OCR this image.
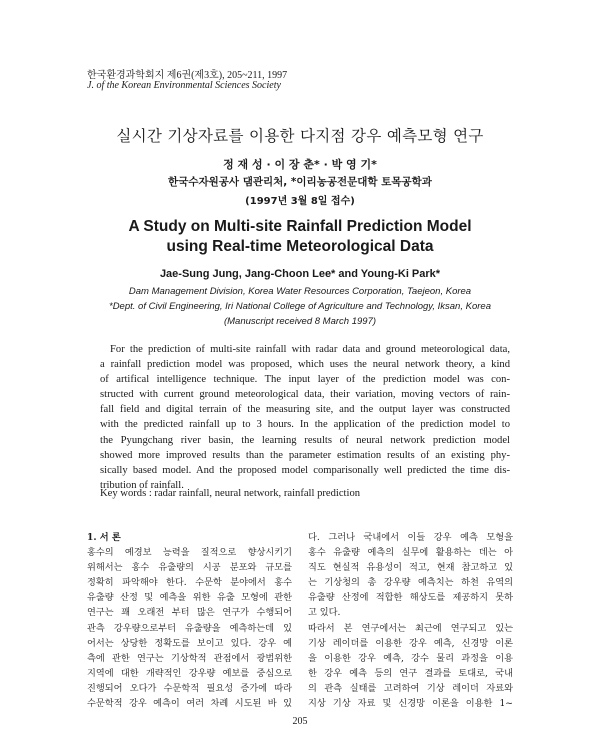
한국환경과학회지 제6권(제3호), 205~211, 1997
J. of the Korean Environmental Sciences Society
실시간 기상자료를 이용한 다지점 강우 예측모형 연구
정 재 성 · 이 장 춘* · 박 영 기*
한국수자원공사 댐관리처, *이리농공전문대학 토목공학과
(1997년 3월 8일 접수)
A Study on Multi-site Rainfall Prediction Model
using Real-time Meteorological Data
Jae-Sung Jung, Jang-Choon Lee* and Young-Ki Park*
Dam Management Division, Korea Water Resources Corporation, Taejeon, Korea
*Dept. of Civil Engineering, Iri National College of Agriculture and Technology, Iksan, Korea
(Manuscript received 8 March 1997)
For the prediction of multi-site rainfall with radar data and ground meteorological data,
a rainfall prediction model was proposed, which uses the neural network theory, a kind
of artifical intelligence technique. The input layer of the prediction model was con-
structed with current ground meteorological data, their variation, moving vectors of rain-
fall field and digital terrain of the measuring site, and the output layer was constructed
with the predicted rainfall up to 3 hours. In the application of the prediction model to
the Pyungchang river basin, the learning results of neural network prediction model
showed more improved results than the parameter estimation results of an existing phy-
sically based model. And the proposed model comparisonally well predicted the time dis-
tribution of rainfall.
Key words : radar rainfall, neural network, rainfall prediction
1. 서 론
홍수의 예경보 능력을 질적으로 향상시키기
위해서는 홍수 유출량의 시공 분포와 규모를
정확히 파악해야 한다. 수문학 분야에서 홍수
유출량 산정 및 예측을 위한 유출 모형에 관한
연구는 꽤 오래전 부터 많은 연구가 수행되어
관측 강우량으로부터 유출량을 예측하는데 있
어서는 상당한 정확도를 보이고 있다. 강우 예
측에 관한 연구는 기상학적 관점에서 광범위한
지역에 대한 개략적인 강우량 예보를 중심으로
진행되어 오다가 수문학적 필요성 증가에 따라
수문학적 강우 예측이 여러 차례 시도된 바 있
다. 그러나 국내에서 이들 강우 예측 모형을
홍수 유출량 예측의 실무에 활용하는 데는 아
직도 현실적 유용성이 적고, 현재 참고하고 있
는 기상청의 총 강우량 예측치는 하천 유역의
유출량 산정에 적합한 해상도를 제공하지 못하
고 있다.
따라서 본 연구에서는 최근에 연구되고 있는
기상 레이더를 이용한 강우 예측, 신경망 이론
을 이용한 강우 예측, 강수 물리 과정을 이용
한 강우 예측 등의 연구 결과를 토대로, 국내
의 관측 실태를 고려하여 기상 레이더 자료와
지상 기상 자료 및 신경망 이론을 이용한 1~
205
